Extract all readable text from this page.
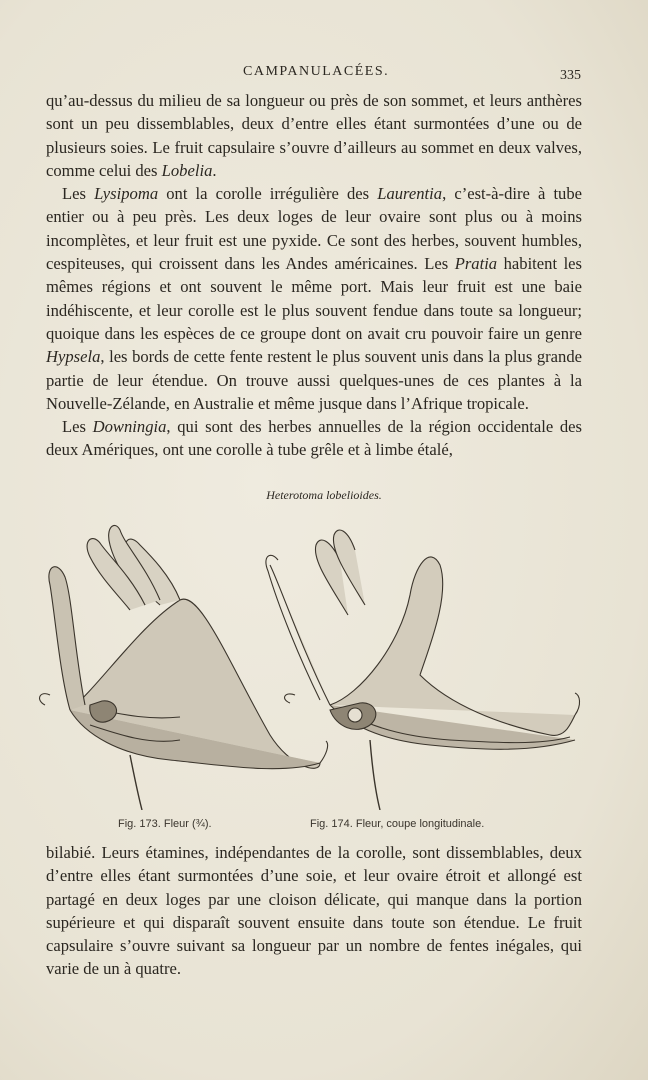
CAMPANULACÉES.	335

qu’au-dessus du milieu de sa longueur ou près de son sommet, et leurs anthères sont un peu dissemblables, deux d’entre elles étant surmontées d’une ou de plusieurs soies. Le fruit capsulaire s’ouvre d’ailleurs au sommet en deux valves, comme celui des Lobelia.

Les Lysipoma ont la corolle irrégulière des Laurentia, c’est-à-dire à tube entier ou à peu près. Les deux loges de leur ovaire sont plus ou à moins incomplètes, et leur fruit est une pyxide. Ce sont des herbes, souvent humbles, cespiteuses, qui croissent dans les Andes américaines. Les Pratia habitent les mêmes régions et ont souvent le même port. Mais leur fruit est une baie indéhiscente, et leur corolle est le plus souvent fendue dans toute sa longueur; quoique dans les espèces de ce groupe dont on avait cru pouvoir faire un genre Hypsela, les bords de cette fente restent le plus souvent unis dans la plus grande partie de leur étendue. On trouve aussi quelques-unes de ces plantes à la Nouvelle-Zélande, en Australie et même jusque dans l’Afrique tropicale.

Les Downingia, qui sont des herbes annuelles de la région occidentale des deux Amériques, ont une corolle à tube grêle et à limbe étalé,

Heterotoma lobelioides.
Fig. 173. Fleur (¾).	Fig. 174. Fleur, coupe longitudinale.

bilabié. Leurs étamines, indépendantes de la corolle, sont dissemblables, deux d’entre elles étant surmontées d’une soie, et leur ovaire étroit et allongé est partagé en deux loges par une cloison délicate, qui manque dans la portion supérieure et qui disparaît souvent ensuite dans toute son étendue. Le fruit capsulaire s’ouvre suivant sa longueur par un nombre de fentes inégales, qui varie de un à quatre.
